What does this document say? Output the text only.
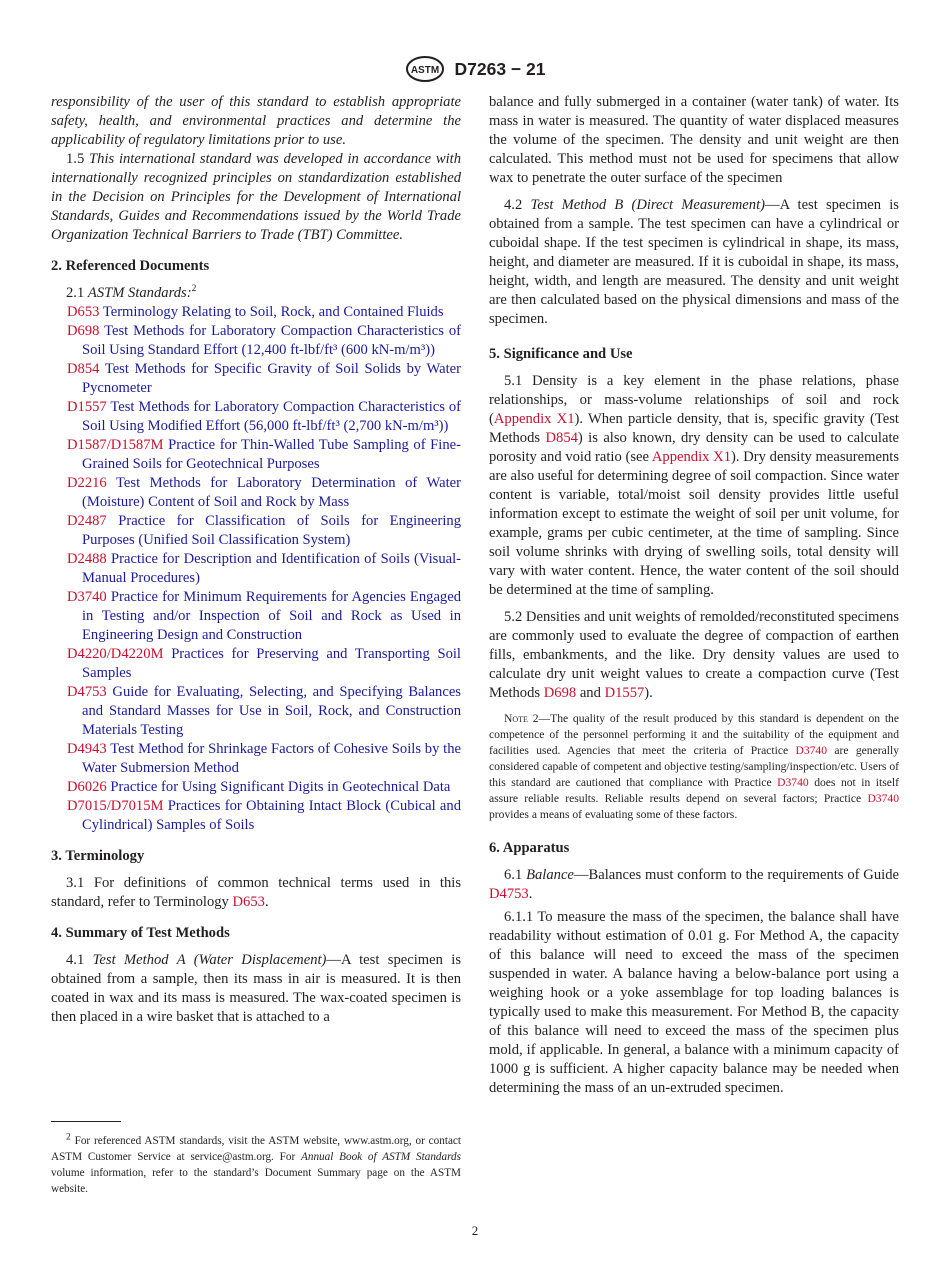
ASTM D7263 − 21

responsibility of the user of this standard to establish appropriate safety, health, and environmental practices and determine the applicability of regulatory limitations prior to use.

1.5 This international standard was developed in accordance with internationally recognized principles on standardization established in the Decision on Principles for the Development of International Standards, Guides and Recommendations issued by the World Trade Organization Technical Barriers to Trade (TBT) Committee.

2. Referenced Documents

2.1 ASTM Standards:$^2$

D653 Terminology Relating to Soil, Rock, and Contained Fluids

D698 Test Methods for Laboratory Compaction Characteristics of Soil Using Standard Effort (12,400 ft-lbf/ft³ (600 kN-m/m³))

D854 Test Methods for Specific Gravity of Soil Solids by Water Pycnometer

D1557 Test Methods for Laboratory Compaction Characteristics of Soil Using Modified Effort (56,000 ft-lbf/ft³ (2,700 kN-m/m³))

D1587/D1587M Practice for Thin-Walled Tube Sampling of Fine-Grained Soils for Geotechnical Purposes

D2216 Test Methods for Laboratory Determination of Water (Moisture) Content of Soil and Rock by Mass

D2487 Practice for Classification of Soils for Engineering Purposes (Unified Soil Classification System)

D2488 Practice for Description and Identification of Soils (Visual-Manual Procedures)

D3740 Practice for Minimum Requirements for Agencies Engaged in Testing and/or Inspection of Soil and Rock as Used in Engineering Design and Construction

D4220/D4220M Practices for Preserving and Transporting Soil Samples

D4753 Guide for Evaluating, Selecting, and Specifying Balances and Standard Masses for Use in Soil, Rock, and Construction Materials Testing

D4943 Test Method for Shrinkage Factors of Cohesive Soils by the Water Submersion Method

D6026 Practice for Using Significant Digits in Geotechnical Data

D7015/D7015M Practices for Obtaining Intact Block (Cubical and Cylindrical) Samples of Soils

3. Terminology

3.1 For definitions of common technical terms used in this standard, refer to Terminology D653.

4. Summary of Test Methods

4.1 Test Method A (Water Displacement)—A test specimen is obtained from a sample, then its mass in air is measured. It is then coated in wax and its mass is measured. The wax-coated specimen is then placed in a wire basket that is attached to a

$^2$ For referenced ASTM standards, visit the ASTM website, www.astm.org, or contact ASTM Customer Service at service@astm.org. For Annual Book of ASTM Standards volume information, refer to the standard’s Document Summary page on the ASTM website.

balance and fully submerged in a container (water tank) of water. Its mass in water is measured. The quantity of water displaced measures the volume of the specimen. The density and unit weight are then calculated. This method must not be used for specimens that allow wax to penetrate the outer surface of the specimen

4.2 Test Method B (Direct Measurement)—A test specimen is obtained from a sample. The test specimen can have a cylindrical or cuboidal shape. If the test specimen is cylindrical in shape, its mass, height, and diameter are measured. If it is cuboidal in shape, its mass, height, width, and length are measured. The density and unit weight are then calculated based on the physical dimensions and mass of the specimen.

5. Significance and Use

5.1 Density is a key element in the phase relations, phase relationships, or mass-volume relationships of soil and rock (Appendix X1). When particle density, that is, specific gravity (Test Methods D854) is also known, dry density can be used to calculate porosity and void ratio (see Appendix X1). Dry density measurements are also useful for determining degree of soil compaction. Since water content is variable, total/moist soil density provides little useful information except to estimate the weight of soil per unit volume, for example, grams per cubic centimeter, at the time of sampling. Since soil volume shrinks with drying of swelling soils, total density will vary with water content. Hence, the water content of the soil should be determined at the time of sampling.

5.2 Densities and unit weights of remolded/reconstituted specimens are commonly used to evaluate the degree of compaction of earthen fills, embankments, and the like. Dry density values are used to calculate dry unit weight values to create a compaction curve (Test Methods D698 and D1557).

Note 2—The quality of the result produced by this standard is dependent on the competence of the personnel performing it and the suitability of the equipment and facilities used. Agencies that meet the criteria of Practice D3740 are generally considered capable of competent and objective testing/sampling/inspection/etc. Users of this standard are cautioned that compliance with Practice D3740 does not in itself assure reliable results. Reliable results depend on several factors; Practice D3740 provides a means of evaluating some of these factors.

6. Apparatus

6.1 Balance—Balances must conform to the requirements of Guide D4753.

6.1.1 To measure the mass of the specimen, the balance shall have readability without estimation of 0.01 g. For Method A, the capacity of this balance will need to exceed the mass of the specimen suspended in water. A balance having a below-balance port using a weighing hook or a yoke assemblage for top loading balances is typically used to make this measurement. For Method B, the capacity of this balance will need to exceed the mass of the specimen plus mold, if applicable. In general, a balance with a minimum capacity of 1000 g is sufficient. A higher capacity balance may be needed when determining the mass of an un-extruded specimen.

2
